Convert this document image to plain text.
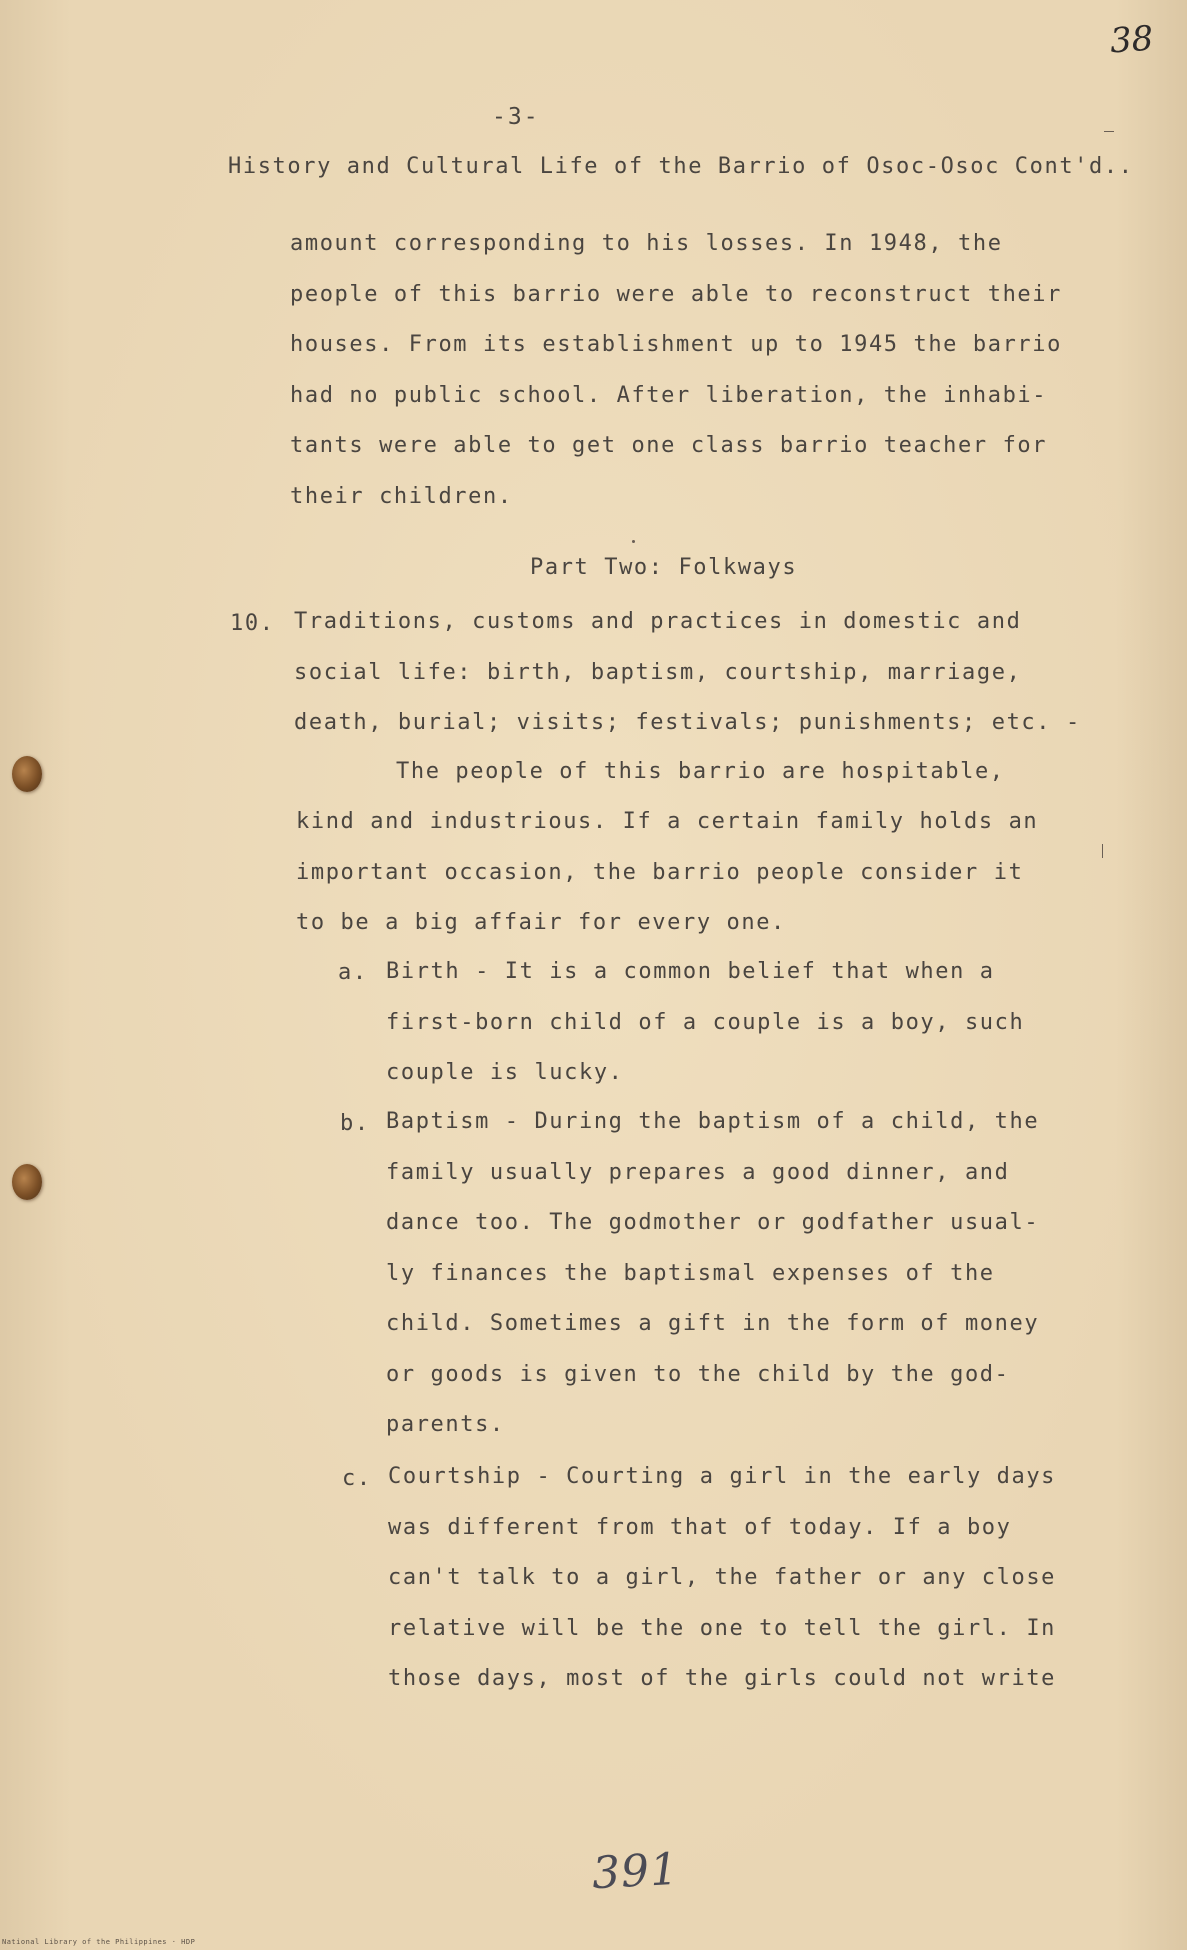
38
-3-
History and Cultural Life of the Barrio of Osoc-Osoc Cont'd..
amount corresponding to his losses. In 1948, the
people of this barrio were able to reconstruct their
houses. From its establishment up to 1945 the barrio
had no public school. After liberation, the inhabi-
tants were able to get one class barrio teacher for
their children.
Part Two: Folkways
10. Traditions, customs and practices in domestic and
social life: birth, baptism, courtship, marriage,
death, burial; visits; festivals; punishments; etc. -
The people of this barrio are hospitable,
kind and industrious. If a certain family holds an
important occasion, the barrio people consider it
to be a big affair for every one.
a. Birth - It is a common belief that when a
first-born child of a couple is a boy, such
couple is lucky.
b. Baptism - During the baptism of a child, the
family usually prepares a good dinner, and
dance too. The godmother or godfather usual-
ly finances the baptismal expenses of the
child. Sometimes a gift in the form of money
or goods is given to the child by the god-
parents.
c. Courtship - Courting a girl in the early days
was different from that of today. If a boy
can't talk to a girl, the father or any close
relative will be the one to tell the girl. In
those days, most of the girls could not write
391
National Library of the Philippines · HDP
